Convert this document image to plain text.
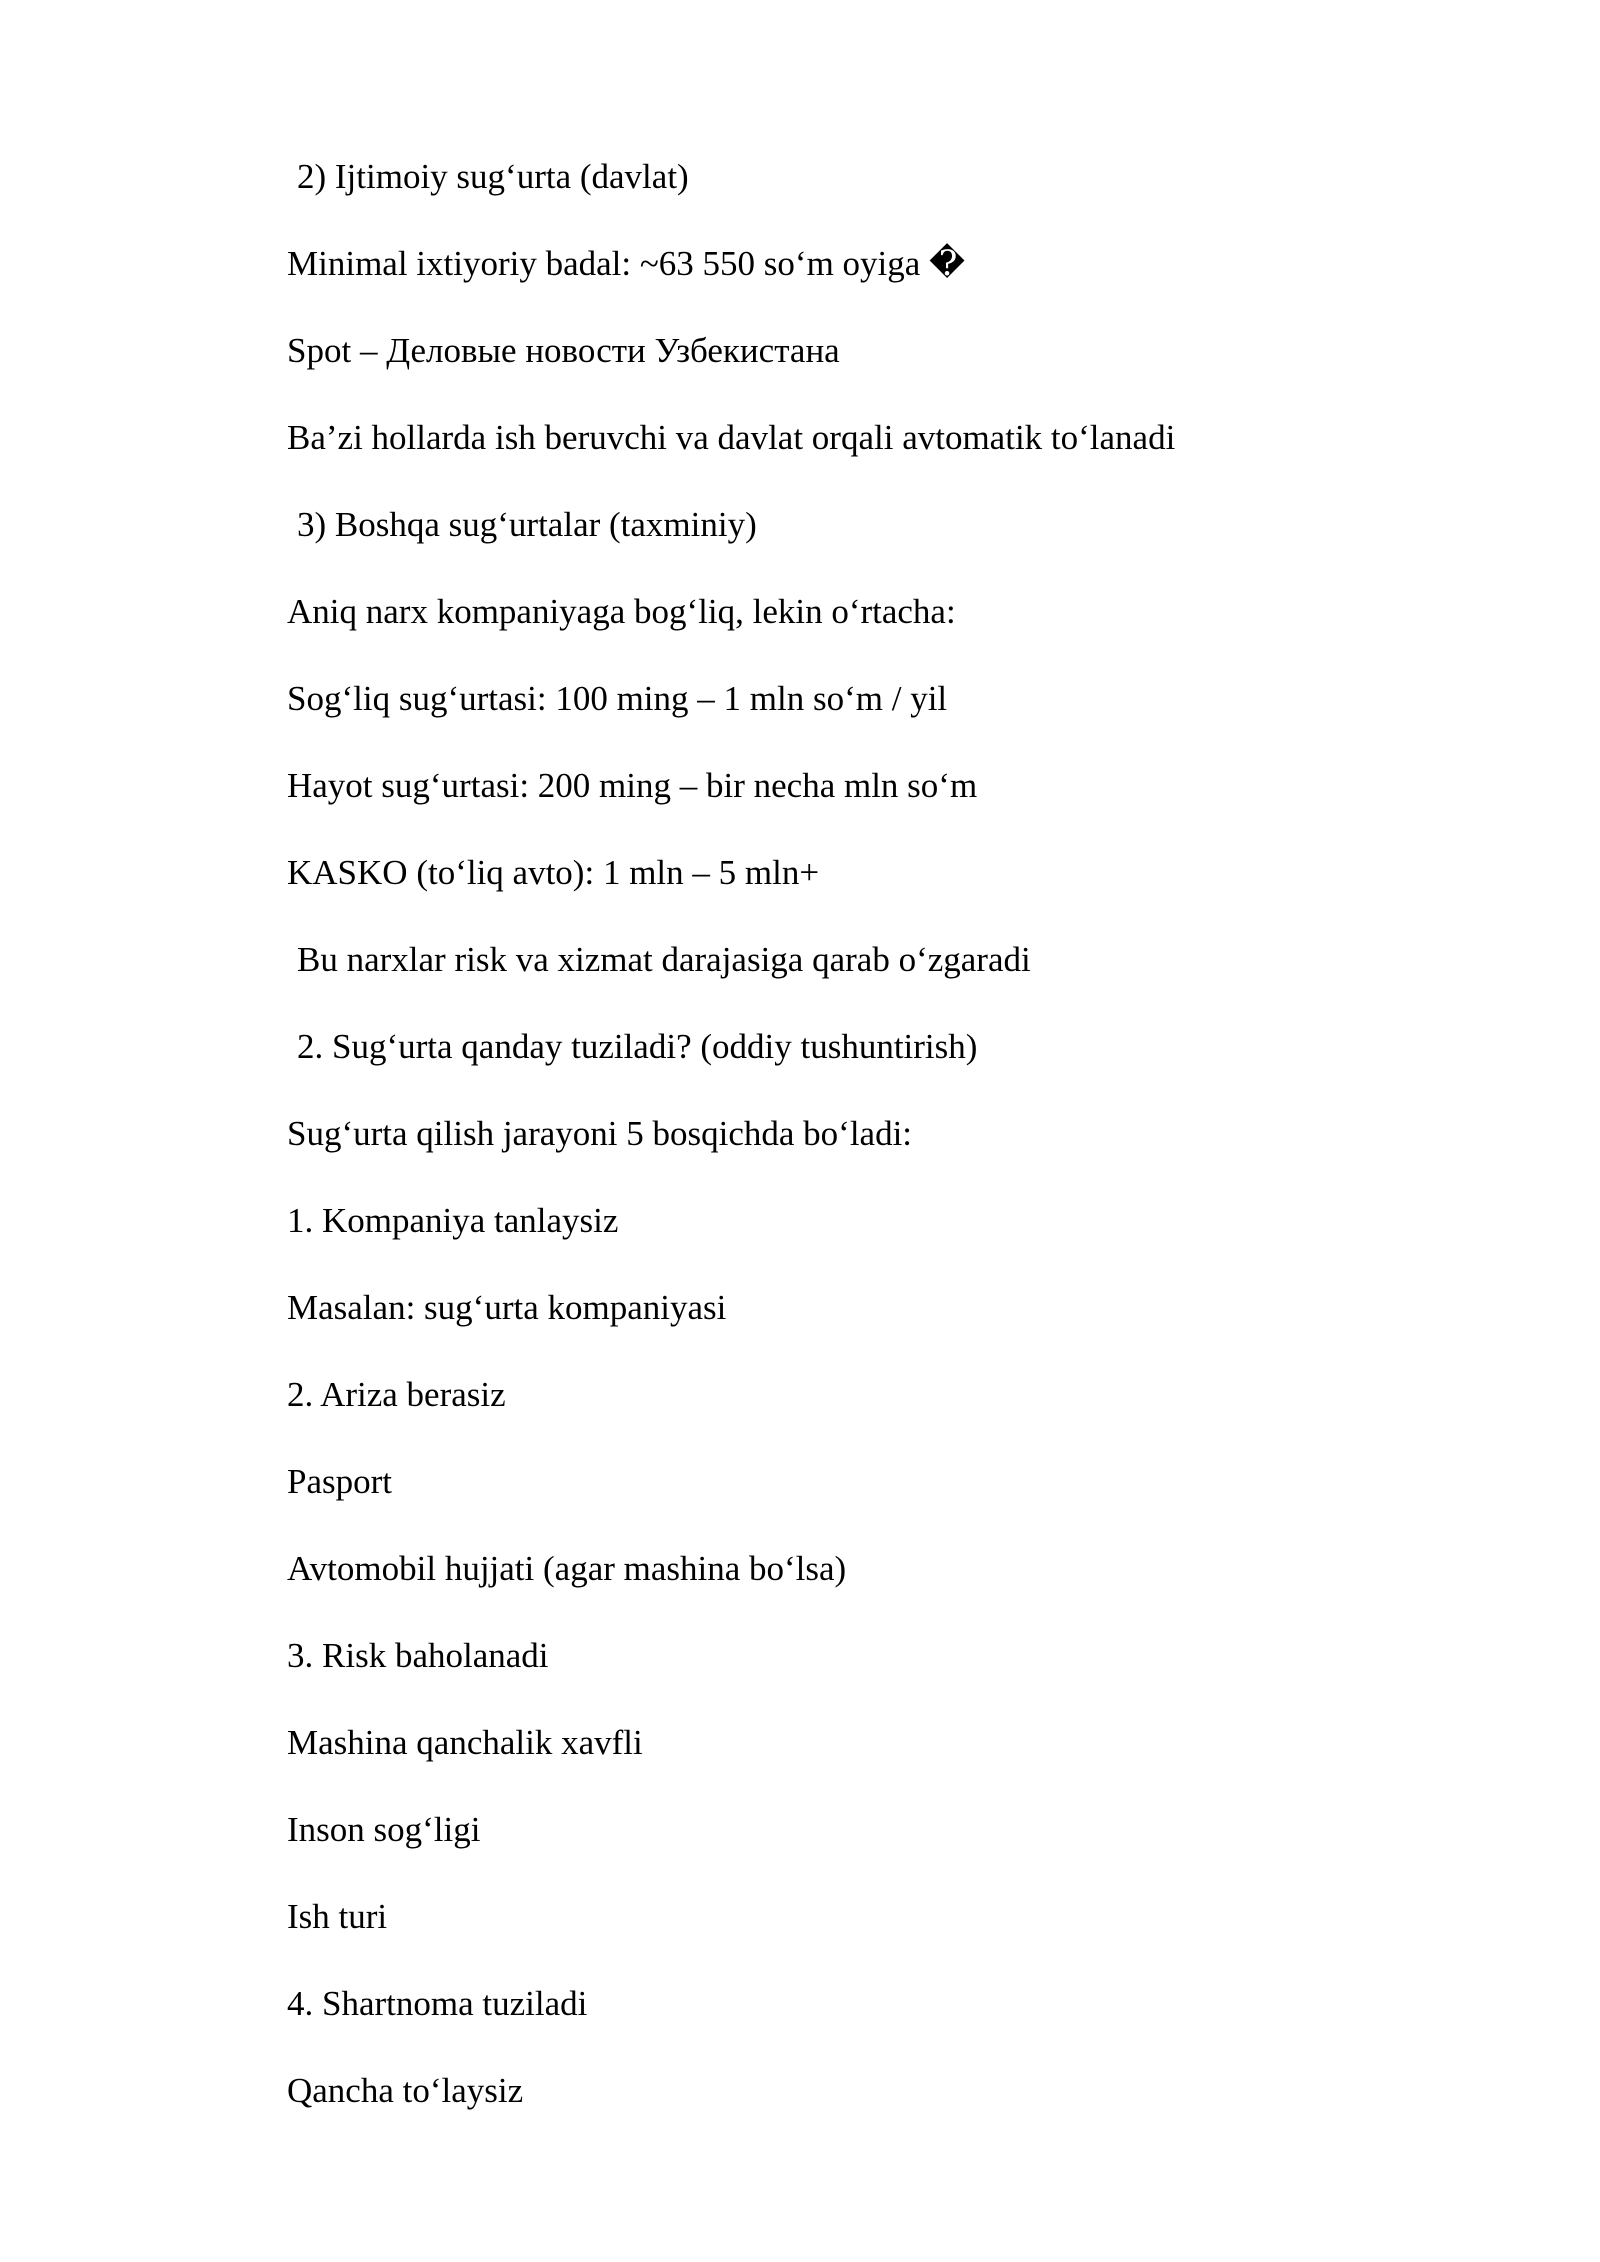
2) Ijtimoiy sug‘urta (davlat)
Minimal ixtiyoriy badal: ~63 550 so‘m oyiga �
Spot – Деловые новости Узбекистана
Ba’zi hollarda ish beruvchi va davlat orqali avtomatik to‘lanadi
3) Boshqa sug‘urtalar (taxminiy)
Aniq narx kompaniyaga bog‘liq, lekin o‘rtacha:
Sog‘liq sug‘urtasi: 100 ming – 1 mln so‘m / yil
Hayot sug‘urtasi: 200 ming – bir necha mln so‘m
KASKO (to‘liq avto): 1 mln – 5 mln+
Bu narxlar risk va xizmat darajasiga qarab o‘zgaradi
2. Sug‘urta qanday tuziladi? (oddiy tushuntirish)
Sug‘urta qilish jarayoni 5 bosqichda bo‘ladi:
1. Kompaniya tanlaysiz
Masalan: sug‘urta kompaniyasi
2. Ariza berasiz
Pasport
Avtomobil hujjati (agar mashina bo‘lsa)
3. Risk baholanadi
Mashina qanchalik xavfli
Inson sog‘ligi
Ish turi
4. Shartnoma tuziladi
Qancha to‘laysiz
